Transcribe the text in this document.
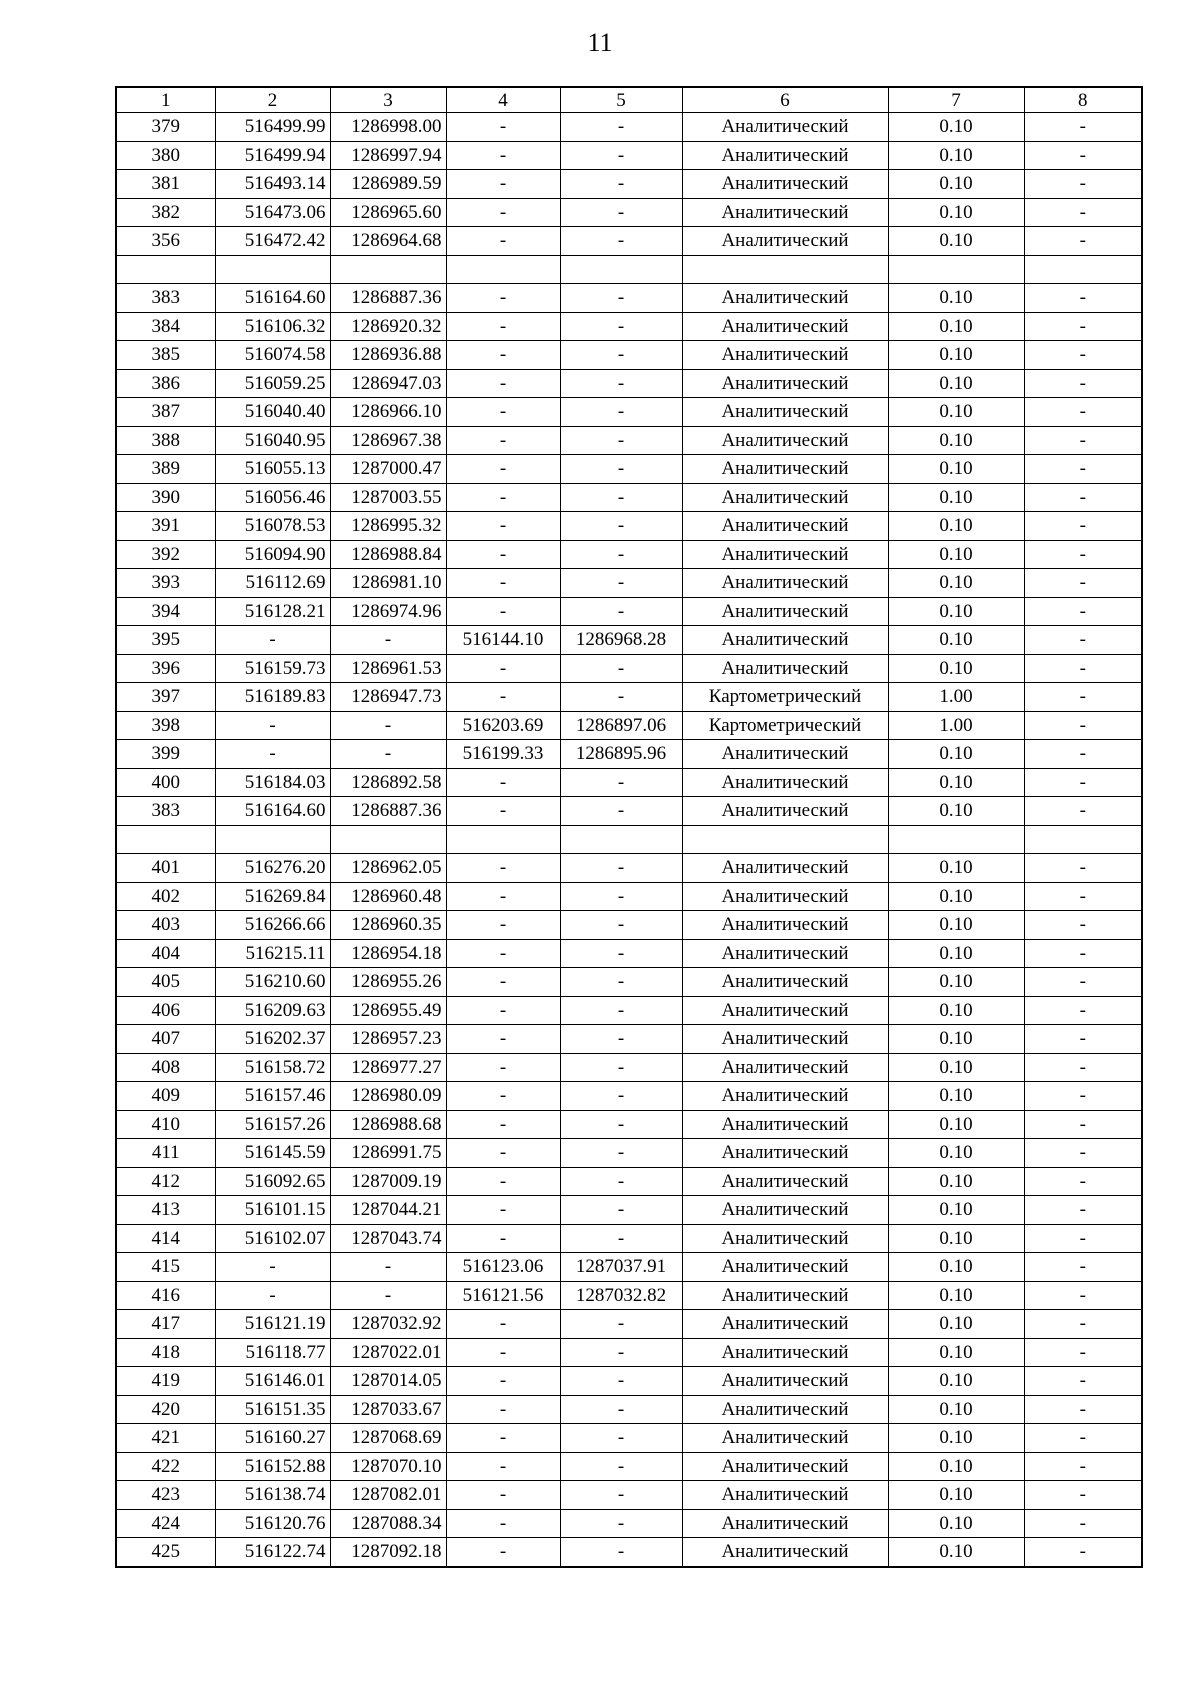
11
1	2	3	4	5	6	7	8
379	516499.99	1286998.00	-	-	Аналитический	0.10	-
380	516499.94	1286997.94	-	-	Аналитический	0.10	-
381	516493.14	1286989.59	-	-	Аналитический	0.10	-
382	516473.06	1286965.60	-	-	Аналитический	0.10	-
356	516472.42	1286964.68	-	-	Аналитический	0.10	-

383	516164.60	1286887.36	-	-	Аналитический	0.10	-
384	516106.32	1286920.32	-	-	Аналитический	0.10	-
385	516074.58	1286936.88	-	-	Аналитический	0.10	-
386	516059.25	1286947.03	-	-	Аналитический	0.10	-
387	516040.40	1286966.10	-	-	Аналитический	0.10	-
388	516040.95	1286967.38	-	-	Аналитический	0.10	-
389	516055.13	1287000.47	-	-	Аналитический	0.10	-
390	516056.46	1287003.55	-	-	Аналитический	0.10	-
391	516078.53	1286995.32	-	-	Аналитический	0.10	-
392	516094.90	1286988.84	-	-	Аналитический	0.10	-
393	516112.69	1286981.10	-	-	Аналитический	0.10	-
394	516128.21	1286974.96	-	-	Аналитический	0.10	-
395	-	-	516144.10	1286968.28	Аналитический	0.10	-
396	516159.73	1286961.53	-	-	Аналитический	0.10	-
397	516189.83	1286947.73	-	-	Картометрический	1.00	-
398	-	-	516203.69	1286897.06	Картометрический	1.00	-
399	-	-	516199.33	1286895.96	Аналитический	0.10	-
400	516184.03	1286892.58	-	-	Аналитический	0.10	-
383	516164.60	1286887.36	-	-	Аналитический	0.10	-

401	516276.20	1286962.05	-	-	Аналитический	0.10	-
402	516269.84	1286960.48	-	-	Аналитический	0.10	-
403	516266.66	1286960.35	-	-	Аналитический	0.10	-
404	516215.11	1286954.18	-	-	Аналитический	0.10	-
405	516210.60	1286955.26	-	-	Аналитический	0.10	-
406	516209.63	1286955.49	-	-	Аналитический	0.10	-
407	516202.37	1286957.23	-	-	Аналитический	0.10	-
408	516158.72	1286977.27	-	-	Аналитический	0.10	-
409	516157.46	1286980.09	-	-	Аналитический	0.10	-
410	516157.26	1286988.68	-	-	Аналитический	0.10	-
411	516145.59	1286991.75	-	-	Аналитический	0.10	-
412	516092.65	1287009.19	-	-	Аналитический	0.10	-
413	516101.15	1287044.21	-	-	Аналитический	0.10	-
414	516102.07	1287043.74	-	-	Аналитический	0.10	-
415	-	-	516123.06	1287037.91	Аналитический	0.10	-
416	-	-	516121.56	1287032.82	Аналитический	0.10	-
417	516121.19	1287032.92	-	-	Аналитический	0.10	-
418	516118.77	1287022.01	-	-	Аналитический	0.10	-
419	516146.01	1287014.05	-	-	Аналитический	0.10	-
420	516151.35	1287033.67	-	-	Аналитический	0.10	-
421	516160.27	1287068.69	-	-	Аналитический	0.10	-
422	516152.88	1287070.10	-	-	Аналитический	0.10	-
423	516138.74	1287082.01	-	-	Аналитический	0.10	-
424	516120.76	1287088.34	-	-	Аналитический	0.10	-
425	516122.74	1287092.18	-	-	Аналитический	0.10	-
